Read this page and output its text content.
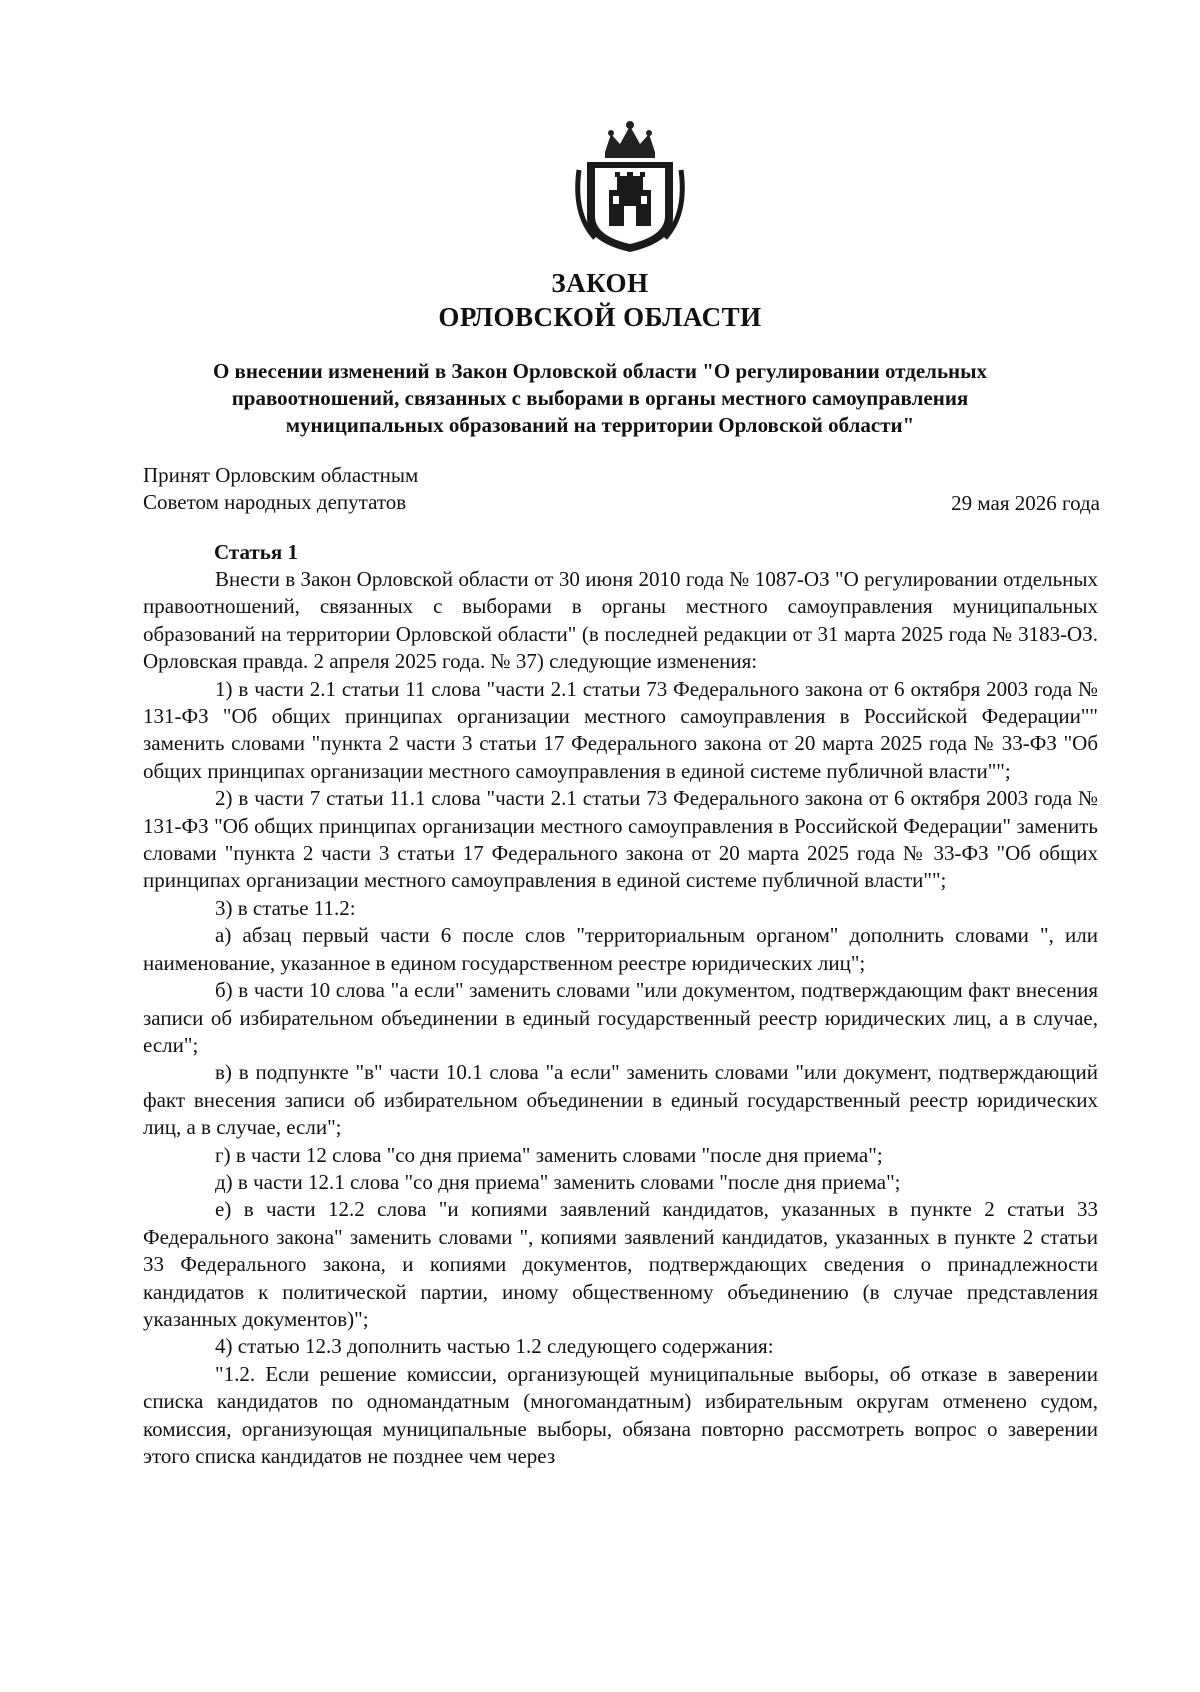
ЗАКОН
ОРЛОВСКОЙ ОБЛАСТИ
О внесении изменений в Закон Орловской области "О регулировании отдельных правоотношений, связанных с выборами в органы местного самоуправления муниципальных образований на территории Орловской области"
Принят Орловским областным
Советом народных депутатов	29 мая 2026 года
Статья 1

Внести в Закон Орловской области от 30 июня 2010 года № 1087-ОЗ "О регулировании отдельных правоотношений, связанных с выборами в органы местного самоуправления муниципальных образований на территории Орловской области" (в последней редакции от 31 марта 2025 года № 3183-ОЗ. Орловская правда. 2 апреля 2025 года. № 37) следующие изменения:

1) в части 2.1 статьи 11 слова "части 2.1 статьи 73 Федерального закона от 6 октября 2003 года № 131-ФЗ "Об общих принципах организации местного самоуправления в Российской Федерации"" заменить словами "пункта 2 части 3 статьи 17 Федерального закона от 20 марта 2025 года № 33-ФЗ "Об общих принципах организации местного самоуправления в единой системе публичной власти"";

2) в части 7 статьи 11.1 слова "части 2.1 статьи 73 Федерального закона от 6 октября 2003 года № 131-ФЗ "Об общих принципах организации местного самоуправления в Российской Федерации" заменить словами "пункта 2 части 3 статьи 17 Федерального закона от 20 марта 2025 года № 33-ФЗ "Об общих принципах организации местного самоуправления в единой системе публичной власти"";

3) в статье 11.2:

а) абзац первый части 6 после слов "территориальным органом" дополнить словами ", или наименование, указанное в едином государственном реестре юридических лиц";

б) в части 10 слова "а если" заменить словами "или документом, подтверждающим факт внесения записи об избирательном объединении в единый государственный реестр юридических лиц, а в случае, если";

в) в подпункте "в" части 10.1 слова "а если" заменить словами "или документ, подтверждающий факт внесения записи об избирательном объединении в единый государственный реестр юридических лиц, а в случае, если";

г) в части 12 слова "со дня приема" заменить словами "после дня приема";

д) в части 12.1 слова "со дня приема" заменить словами "после дня приема";

е) в части 12.2 слова "и копиями заявлений кандидатов, указанных в пункте 2 статьи 33 Федерального закона" заменить словами ", копиями заявлений кандидатов, указанных в пункте 2 статьи 33 Федерального закона, и копиями документов, подтверждающих сведения о принадлежности кандидатов к политической партии, иному общественному объединению (в случае представления указанных документов)";

4) статью 12.3 дополнить частью 1.2 следующего содержания:

"1.2. Если решение комиссии, организующей муниципальные выборы, об отказе в заверении списка кандидатов по одномандатным (многомандатным) избирательным округам отменено судом, комиссия, организующая муниципальные выборы, обязана повторно рассмотреть вопрос о заверении этого списка кандидатов не позднее чем через
